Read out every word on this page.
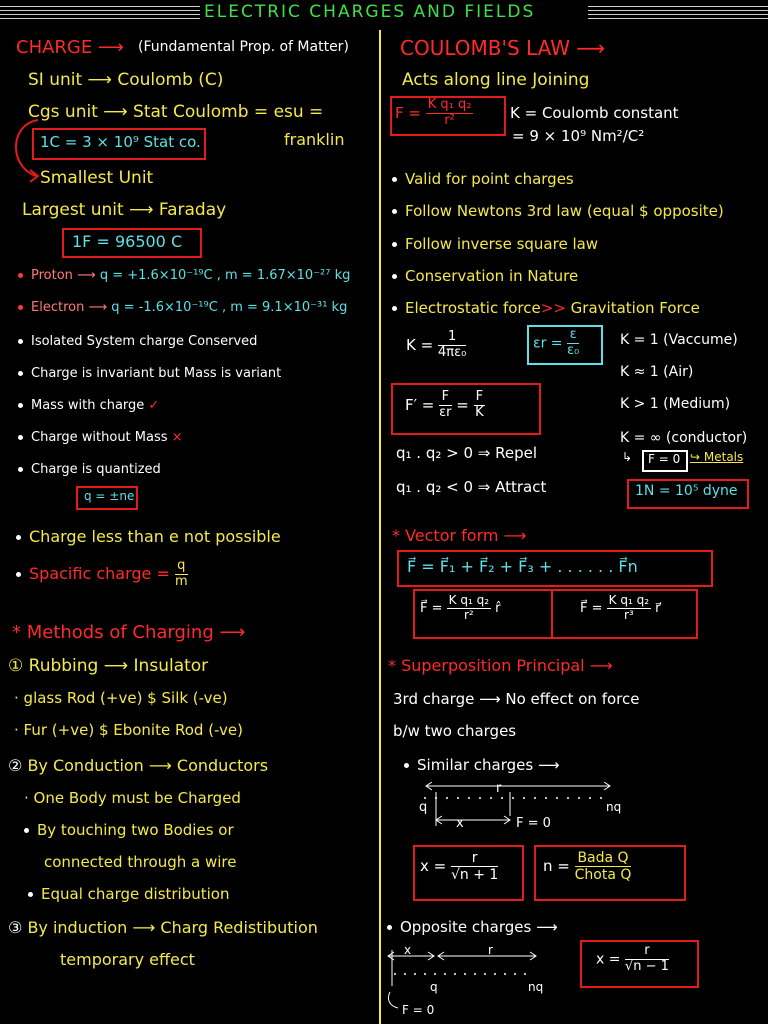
ELECTRIC CHARGES AND FIELDS
CHARGE ⟶ (Fundamental Prop. of Matter)
SI unit ⟶ Coulomb (C)
Cgs unit ⟶ Stat Coulomb = esu =
franklin
1C = 3 × 10⁹ Stat co.
Smallest Unit
Largest unit ⟶ Faraday
1F = 96500 C
Proton ⟶ q = +1.6×10⁻¹⁹C , m = 1.67×10⁻²⁷ kg
Electron ⟶ q = -1.6×10⁻¹⁹C , m = 9.1×10⁻³¹ kg
Isolated System charge Conserved
Charge is invariant but Mass is variant
Mass with charge ✓
Charge without Mass ×
Charge is quantized
q = ±ne
Charge less than e not possible
Spacific charge = $\frac{q}{m}$
* Methods of Charging ⟶
① Rubbing ⟶ Insulator
· glass Rod (+ve) $ Silk (-ve)
· Fur (+ve) $ Ebonite Rod (-ve)
② By Conduction ⟶ Conductors
· One Body must be Charged
By touching two Bodies or
connected through a wire
Equal charge distribution
③ By induction ⟶ Charg Redistibution
temporary effect
COULOMB'S LAW ⟶
Acts along line Joining
$F = \frac{\text{K q₁ q₂}}{\text{r²}}$ K = Coulomb constant
= 9 × 10⁹ Nm²/C²
Valid for point charges
Follow Newtons 3rd law (equal $ opposite)
Follow inverse square law
Conservation in Nature
Electrostatic force>> Gravitation Force
$K = \frac{1}{\text{4πε₀}}$	$\varepsilon r = \frac{\varepsilon}{\text{ε₀}}$	K = 1 (Vaccume)
K ≈ 1 (Air)
K > 1 (Medium)
K = ∞ (conductor)
↳ F = 0 ↪ Metals
$F' = \frac{F}{\varepsilon r} = \frac{F}{K}$
q₁ . q₂ > 0 ⇒ Repel
q₁ . q₂ < 0 ⇒ Attract	1N = 10⁵ dyne
* Vector form ⟶
F⃗ = F⃗₁ + F⃗₂ + F⃗₃ + . . . . . . F⃗n
F⃗ = $\frac{\text{K q₁ q₂}}{\text{r²}}$ r̂	F⃗ = $\frac{\text{K q₁ q₂}}{\text{r³}}$ r⃗
* Superposition Principal ⟶
3rd charge ⟶ No effect on force
b/w two charges
Similar charges ⟶
r
q	nq
x	F = 0
$x = \frac{r}{√n + 1}$	$n = \frac{\text{Bada Q}}{\text{Chota Q}}$
Opposite charges ⟶
x	r
q	nq
F = 0
$x = \frac{r}{√n - 1}$
